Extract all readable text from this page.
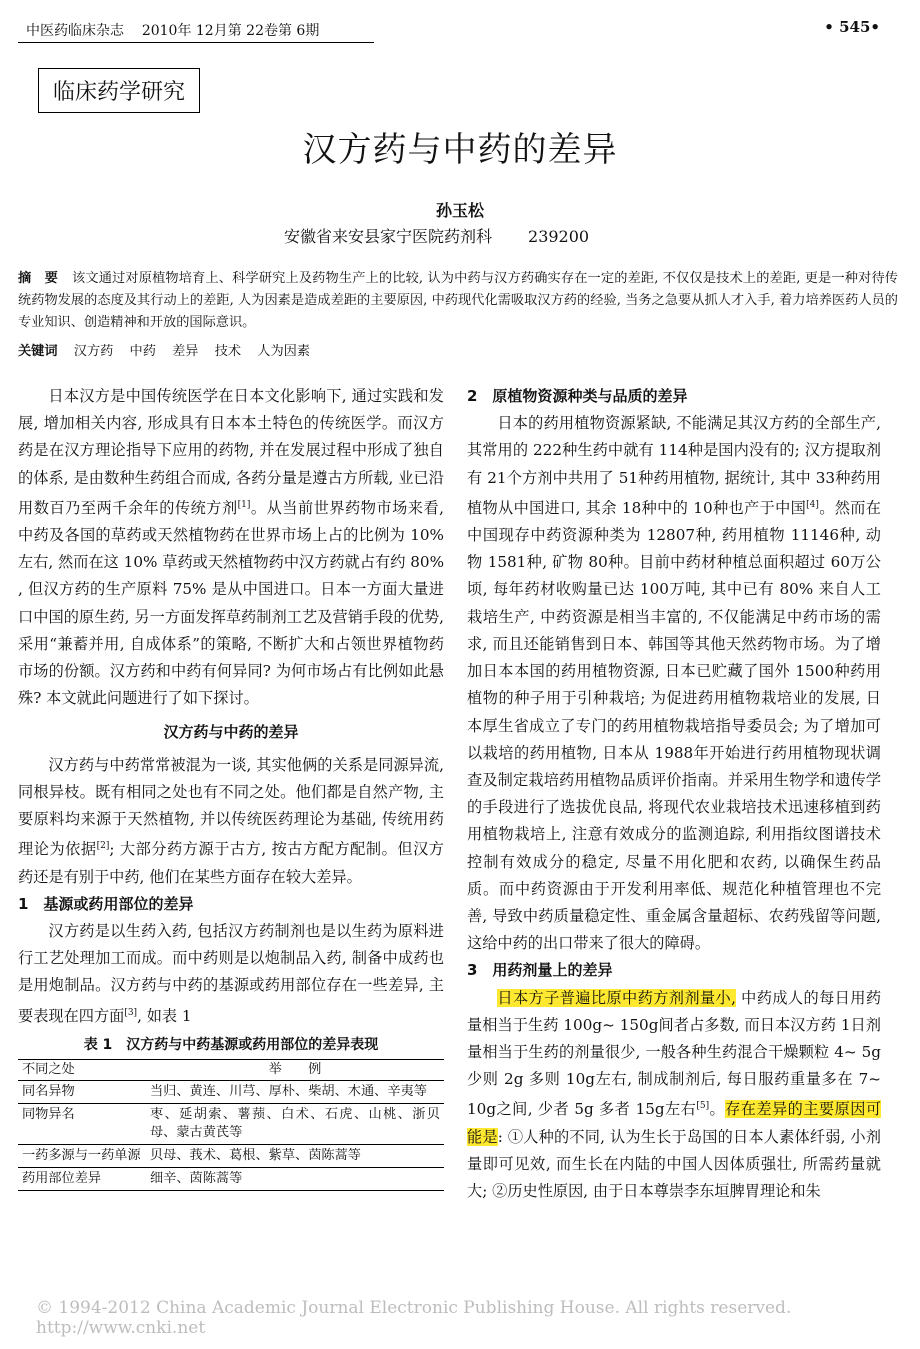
中医药临床杂志 2010年 12月第 22卷第 6期	• 545•
临床药学研究
汉方药与中药的差异
孙玉松
安徽省来安县家宁医院药剂科 239200
摘　要 该文通过对原植物培育上、科学研究上及药物生产上的比较, 认为中药与汉方药确实存在一定的差距, 不仅仅是技术上的差距, 更是一种对待传统药物发展的态度及其行动上的差距, 人为因素是造成差距的主要原因, 中药现代化需吸取汉方药的经验, 当务之急要从抓人才入手, 着力培养医药人员的专业知识、创造精神和开放的国际意识。
关键词 汉方药 中药 差异 技术 人为因素

日本汉方是中国传统医学在日本文化影响下, 通过实践和发展, 增加相关内容, 形成具有日本本土特色的传统医学。而汉方药是在汉方理论指导下应用的药物, 并在发展过程中形成了独自的体系, 是由数种生药组合而成, 各药分量是遵古方所载, 业已沿用数百乃至两千余年的传统方剂[1]。从当前世界药物市场来看, 中药及各国的草药或天然植物药在世界市场上占的比例为 10% 左右, 然而在这 10% 草药或天然植物药中汉方药就占有约 80% , 但汉方药的生产原料 75% 是从中国进口。日本一方面大量进口中国的原生药, 另一方面发挥草药制剂工艺及营销手段的优势, 采用“兼蓄并用, 自成体系”的策略, 不断扩大和占领世界植物药市场的份额。汉方药和中药有何异同? 为何市场占有比例如此悬殊? 本文就此问题进行了如下探讨。

汉方药与中药的差异

汉方药与中药常常被混为一谈, 其实他俩的关系是同源异流, 同根异枝。既有相同之处也有不同之处。他们都是自然产物, 主要原料均来源于天然植物, 并以传统医药理论为基础, 传统用药理论为依据[2]; 大部分药方源于古方, 按古方配方配制。但汉方药还是有别于中药, 他们在某些方面存在较大差异。

1　基源或药用部位的差异

汉方药是以生药入药, 包括汉方药制剂也是以生药为原料进行工艺处理加工而成。而中药则是以炮制品入药, 制备中成药也是用炮制品。汉方药与中药的基源或药用部位存在一些差异, 主要表现在四方面[3], 如表 1

表 1　汉方药与中药基源或药用部位的差异表现
不同之处	举　　例
同名异物	当归、黄连、川芎、厚朴、柴胡、木通、辛夷等
同物异名	枣、延胡索、薯蓣、白术、石虎、山桃、浙贝母、蒙古黄芪等
一药多源与一药单源	贝母、莪术、葛根、紫草、茵陈蒿等
药用部位差异	细辛、茵陈蒿等
2　原植物资源种类与品质的差异

日本的药用植物资源紧缺, 不能满足其汉方药的全部生产, 其常用的 222种生药中就有 114种是国内没有的; 汉方提取剂有 21个方剂中共用了 51种药用植物, 据统计, 其中 33种药用植物从中国进口, 其余 18种中的 10种也产于中国[4]。然而在中国现存中药资源种类为 12807种, 药用植物 11146种, 动物 1581种, 矿物 80种。目前中药材种植总面积超过 60万公顷, 每年药材收购量已达 100万吨, 其中已有 80% 来自人工栽培生产, 中药资源是相当丰富的, 不仅能满足中药市场的需求, 而且还能销售到日本、韩国等其他天然药物市场。为了增加日本本国的药用植物资源, 日本已贮藏了国外 1500种药用植物的种子用于引种栽培; 为促进药用植物栽培业的发展, 日本厚生省成立了专门的药用植物栽培指导委员会; 为了增加可以栽培的药用植物, 日本从 1988年开始进行药用植物现状调查及制定栽培药用植物品质评价指南。并采用生物学和遗传学的手段进行了选拔优良品, 将现代农业栽培技术迅速移植到药用植物栽培上, 注意有效成分的监测追踪, 利用指纹图谱技术控制有效成分的稳定, 尽量不用化肥和农药, 以确保生药品质。而中药资源由于开发利用率低、规范化种植管理也不完善, 导致中药质量稳定性、重金属含量超标、农药残留等问题, 这给中药的出口带来了很大的障碍。

3　用药剂量上的差异

日本方子普遍比原中药方剂剂量小, 中药成人的每日用药量相当于生药 100g~ 150g间者占多数, 而日本汉方药 1日剂量相当于生药的剂量很少, 一般各种生药混合干燥颗粒 4~ 5g少则 2g 多则 10g左右, 制成制剂后, 每日服药重量多在 7~ 10g之间, 少者 5g 多者 15g左右[5]。存在差异的主要原因可能是: ①人种的不同, 认为生长于岛国的日本人素体纤弱, 小剂量即可见效, 而生长在内陆的中国人因体质强壮, 所需药量就大; ②历史性原因, 由于日本尊崇李东垣脾胃理论和朱

© 1994-2012 China Academic Journal Electronic Publishing House. All rights reserved. http://www.cnki.net
